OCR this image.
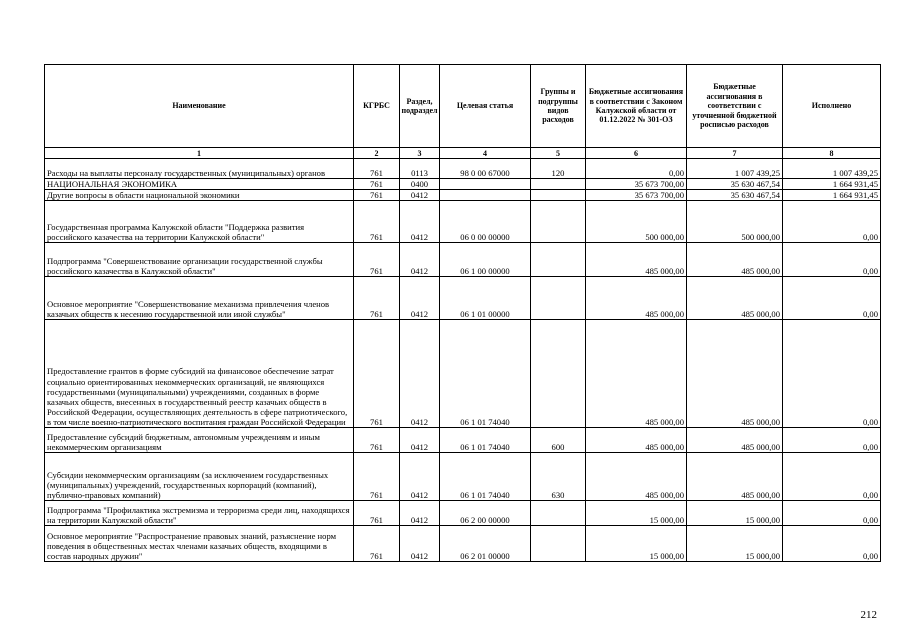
Наименование	КГРБС	Раздел, подраздел	Целевая статья	Группы и подгруппы видов расходов	Бюджетные ассигнования в соответствии с Законом Калужской области от 01.12.2022 № 301-ОЗ	Бюджетные ассигнования в соответствии с уточненной бюджетной росписью расходов	Исполнено
1	2	3	4	5	6	7	8
Расходы на выплаты персоналу государственных (муниципальных) органов	761	0113	98 0 00 67000	120	0,00	1 007 439,25	1 007 439,25
НАЦИОНАЛЬНАЯ ЭКОНОМИКА	761	0400			35 673 700,00	35 630 467,54	1 664 931,45
Другие вопросы в области национальной экономики	761	0412			35 673 700,00	35 630 467,54	1 664 931,45
Государственная программа Калужской области "Поддержка развития российского казачества на территории Калужской области"	761	0412	06 0 00 00000		500 000,00	500 000,00	0,00
Подпрограмма "Совершенствование организации государственной службы российского казачества в Калужской области"	761	0412	06 1 00 00000		485 000,00	485 000,00	0,00
Основное мероприятие "Совершенствование механизма привлечения членов казачьих обществ к несению государственной или иной службы"	761	0412	06 1 01 00000		485 000,00	485 000,00	0,00
Предоставление грантов в форме субсидий на финансовое обеспечение затрат социально ориентированных некоммерческих организаций, не являющихся государственными (муниципальными) учреждениями, созданных в форме казачьих обществ, внесенных в государственный реестр казачьих обществ в Российской Федерации, осуществляющих деятельность в сфере патриотического, в том числе военно-патриотического воспитания граждан Российской Федерации	761	0412	06 1 01 74040		485 000,00	485 000,00	0,00
Предоставление субсидий бюджетным, автономным учреждениям и иным некоммерческим организациям	761	0412	06 1 01 74040	600	485 000,00	485 000,00	0,00
Субсидии некоммерческим организациям (за исключением государственных (муниципальных) учреждений, государственных корпораций (компаний), публично-правовых компаний)	761	0412	06 1 01 74040	630	485 000,00	485 000,00	0,00
Подпрограмма "Профилактика экстремизма и терроризма среди лиц, находящихся на территории Калужской области"	761	0412	06 2 00 00000		15 000,00	15 000,00	0,00
Основное мероприятие "Распространение правовых знаний, разъяснение норм поведения в общественных местах членами казачьих обществ, входящими в состав народных дружин"	761	0412	06 2 01 00000		15 000,00	15 000,00	0,00
212
